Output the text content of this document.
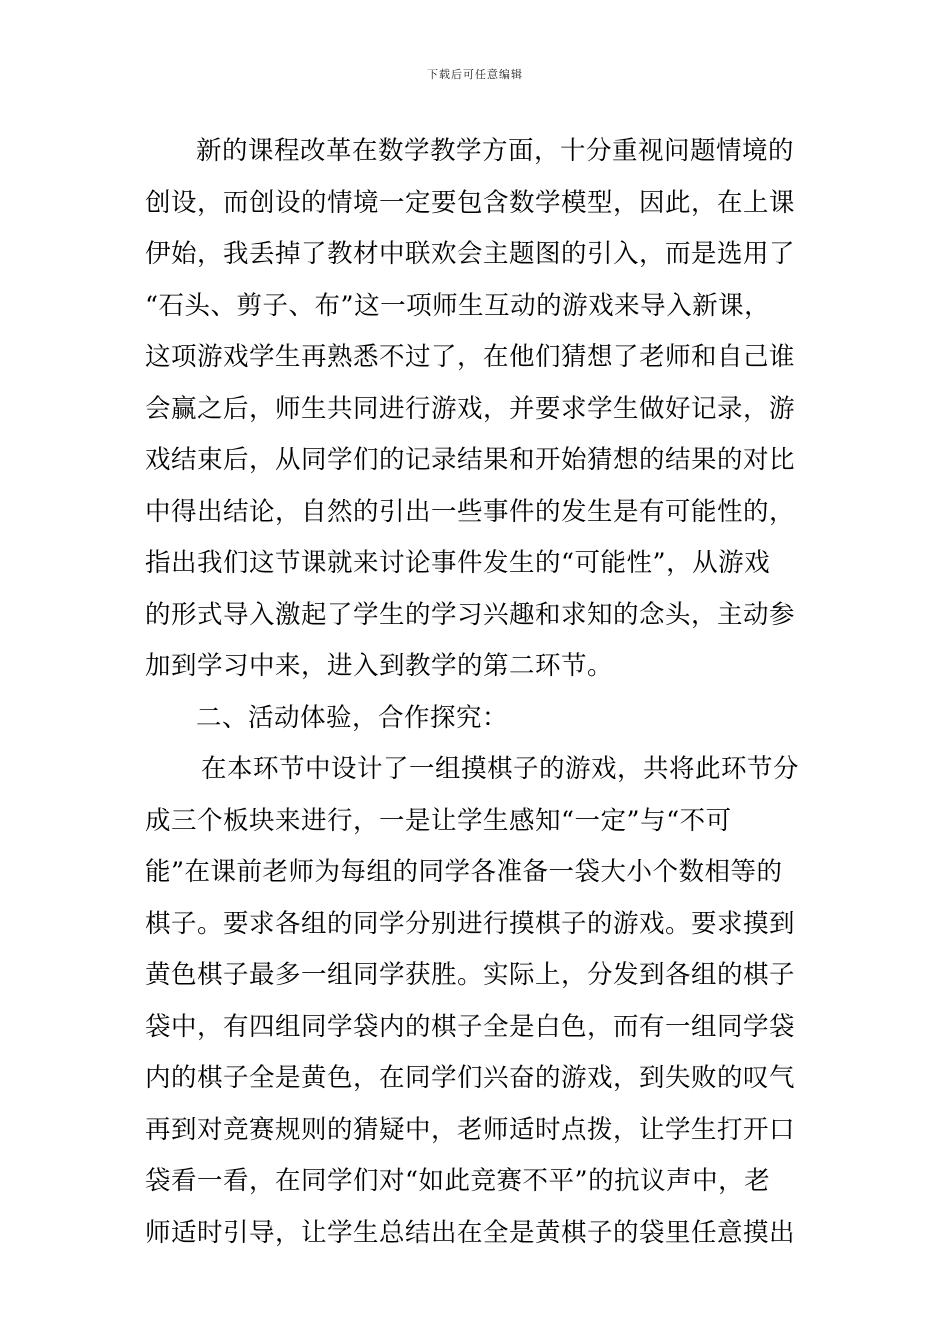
下载后可任意编辑
新的课程改革在数学教学方面，十分重视问题情境的
创设，而创设的情境一定要包含数学模型，因此，在上课
伊始，我丢掉了教材中联欢会主题图的引入，而是选用了
“石头、剪子、布”这一项师生互动的游戏来导入新课，
这项游戏学生再熟悉不过了，在他们猜想了老师和自己谁
会赢之后，师生共同进行游戏，并要求学生做好记录，游
戏结束后，从同学们的记录结果和开始猜想的结果的对比
中得出结论，自然的引出一些事件的发生是有可能性的，
指出我们这节课就来讨论事件发生的“可能性”，从游戏
的形式导入激起了学生的学习兴趣和求知的念头，主动参
加到学习中来，进入到教学的第二环节。
二、活动体验，合作探究：
在本环节中设计了一组摸棋子的游戏，共将此环节分
成三个板块来进行，一是让学生感知“一定”与“不可
能”在课前老师为每组的同学各准备一袋大小个数相等的
棋子。要求各组的同学分别进行摸棋子的游戏。要求摸到
黄色棋子最多一组同学获胜。实际上，分发到各组的棋子
袋中，有四组同学袋内的棋子全是白色，而有一组同学袋
内的棋子全是黄色，在同学们兴奋的游戏，到失败的叹气
再到对竞赛规则的猜疑中，老师适时点拨，让学生打开口
袋看一看，在同学们对“如此竞赛不平”的抗议声中，老
师适时引导，让学生总结出在全是黄棋子的袋里任意摸出
